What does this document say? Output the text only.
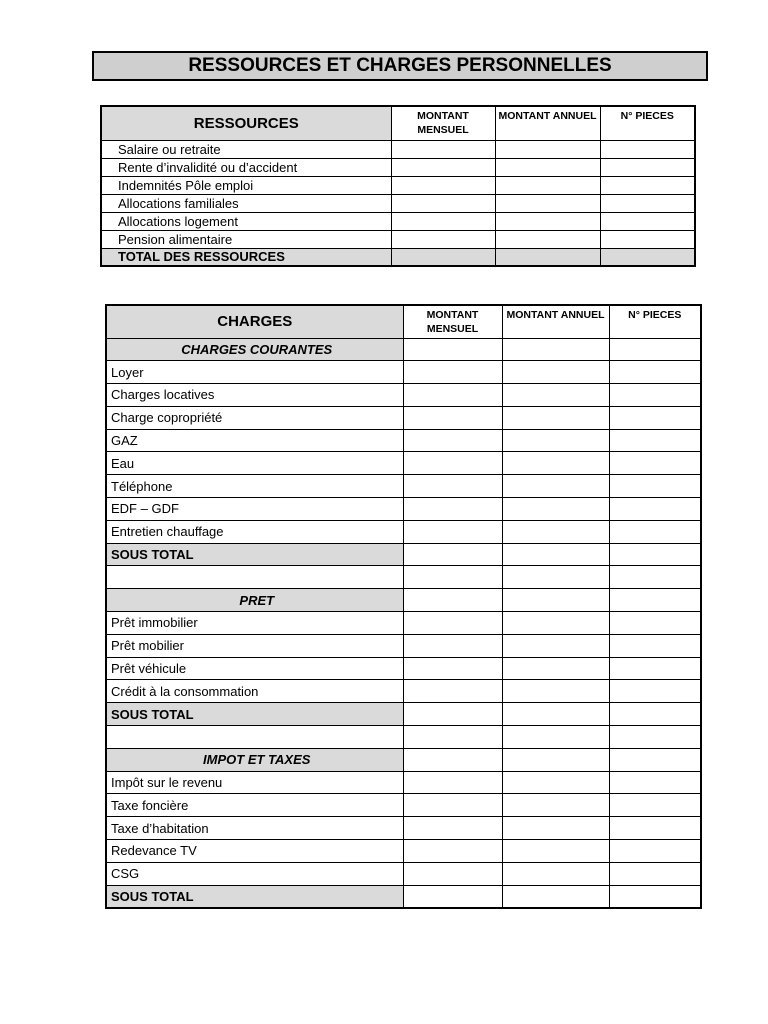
RESSOURCES ET CHARGES PERSONNELLES
RESSOURCES	MONTANT MENSUEL	MONTANT ANNUEL	N° PIECES
Salaire ou retraite			
Rente d’invalidité ou d’accident			
Indemnités Pôle emploi			
Allocations familiales			
Allocations logement			
Pension alimentaire			
TOTAL DES RESSOURCES			
CHARGES	MONTANT MENSUEL	MONTANT ANNUEL	N° PIECES
CHARGES COURANTES			
Loyer			
Charges locatives			
Charge copropriété			
GAZ			
Eau			
Téléphone			
EDF – GDF			
Entretien chauffage			
SOUS TOTAL			

PRET			
Prêt immobilier			
Prêt mobilier			
Prêt véhicule			
Crédit à la consommation			
SOUS TOTAL			

IMPOT ET TAXES			
Impôt sur le revenu			
Taxe foncière			
Taxe d’habitation			
Redevance TV			
CSG			
SOUS TOTAL			
